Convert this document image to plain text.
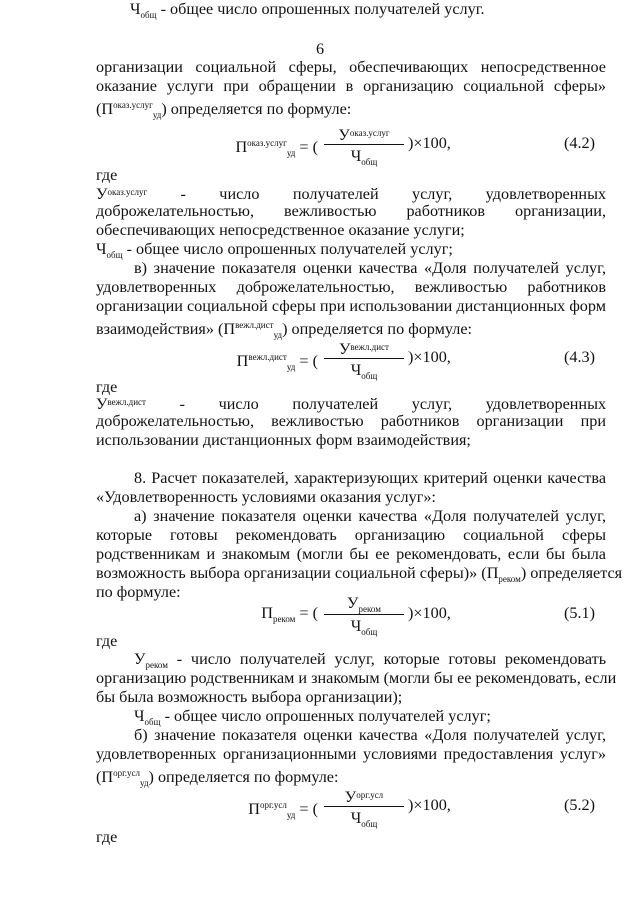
6
организации социальной сферы, обеспечивающих непосредственное
оказание услуги при обращении в организацию социальной сферы»
$(П^{оказ.услуг}_{уд})$ определяется по формуле:
$П^{оказ.услуг}_{уд}$ = (
$У^{оказ.услуг}$
$Ч_{общ}$
)×100,	(4.2)
где
$У^{оказ.услуг}$ - число получателей услуг, удовлетворенных
доброжелательностью, вежливостью работников организации,
обеспечивающих непосредственное оказание услуги;
$Ч_{общ}$ - общее число опрошенных получателей услуг;
в) значение показателя оценки качества «Доля получателей услуг,
удовлетворенных доброжелательностью, вежливостью работников
организации социальной сферы при использовании дистанционных форм
взаимодействия» $(П^{вежл.дист}_{уд})$ определяется по формуле:
$П^{вежл.дист}_{уд}$ = (
$У^{вежл.дист}$
$Ч_{общ}$
)×100,	(4.3)
где
$У^{вежл.дист}$ - число получателей услуг, удовлетворенных
доброжелательностью, вежливостью работников организации при
использовании дистанционных форм взаимодействия;
$Ч_{общ}$ - общее число опрошенных получателей услуг.
8. Расчет показателей, характеризующих критерий оценки качества
«Удовлетворенность условиями оказания услуг»:
а) значение показателя оценки качества «Доля получателей услуг,
которые готовы рекомендовать организацию социальной сферы
родственникам и знакомым (могли бы ее рекомендовать, если бы была
возможность выбора организации социальной сферы)» $(П_{реком})$ определяется
по формуле:
$П_{реком}$ = (
$У_{реком}$
$Ч_{общ}$
)×100,	(5.1)
где
$У_{реком}$ - число получателей услуг, которые готовы рекомендовать
организацию родственникам и знакомым (могли бы ее рекомендовать, если
бы была возможность выбора организации);
$Ч_{общ}$ - общее число опрошенных получателей услуг;
б) значение показателя оценки качества «Доля получателей услуг,
удовлетворенных организационными условиями предоставления услуг»
$(П^{орг.усл}_{уд})$ определяется по формуле:
$П^{орг.усл}_{уд}$ = (
$У^{орг.усл}$
$Ч_{общ}$
)×100,	(5.2)
где
